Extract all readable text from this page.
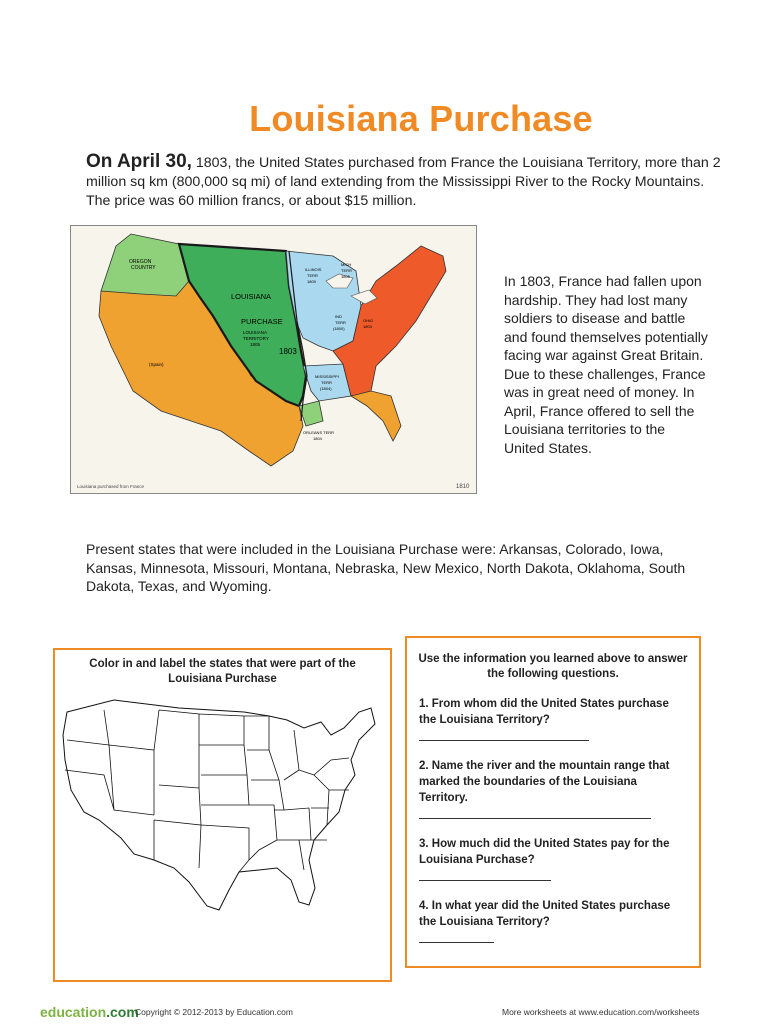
Louisiana Purchase
On April 30, 1803, the United States purchased from France the Louisiana Territory, more than 2 million sq km (800,000 sq mi) of land extending from the Mississippi River to the Rocky Mountains. The price was 60 million francs, or about $15 million.
OREGON
COUNTRY
LOUISIANA
PURCHASE
LOUISIANA
TERRITORY
1805
1803
(Spain)
ILLINOIS
TERR
1809
MICH
TERR
1805
IND
TERR
(1800)
OHIO
1803
MISSISSIPPI
TERR
(1804)
ORLEANS TERR
1804
Louisiana purchased from France	1810
In 1803, France had fallen upon hardship. They had lost many soldiers to disease and battle and found themselves potentially facing war against Great Britain. Due to these challenges, France was in great need of money. In April, France offered to sell the Louisiana territories to the United States.
Present states that were included in the Louisiana Purchase were: Arkansas, Colorado, Iowa, Kansas, Minnesota, Missouri, Montana, Nebraska, New Mexico, North Dakota, Oklahoma, South Dakota, Texas, and Wyoming.
Color in and label the states that were part of the Louisiana Purchase
Use the information you learned above to answer the following questions.
1. From whom did the United States purchase the Louisiana Territory?
2. Name the river and the mountain range that marked the boundaries of the Louisiana Territory.
3. How much did the United States pay for the Louisiana Purchase?
4. In what year did the United States purchase the Louisiana Territory?
education.com
Copyright © 2012-2013 by Education.com	More worksheets at www.education.com/worksheets
